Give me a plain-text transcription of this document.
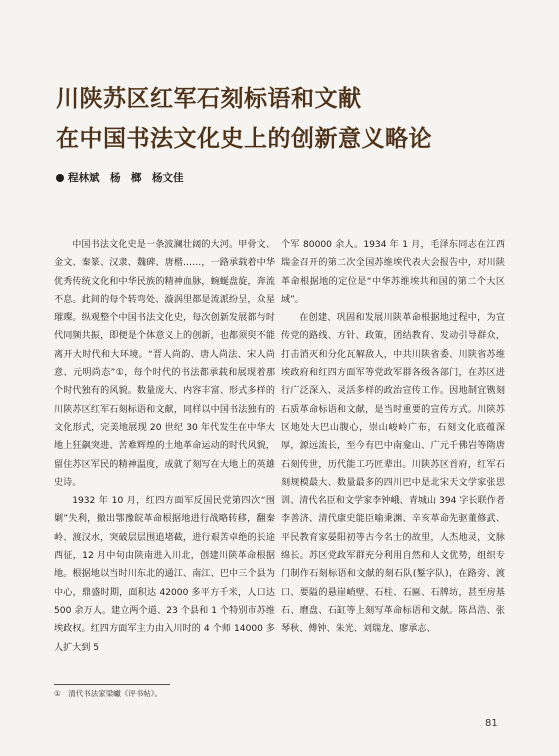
川陕苏区红军石刻标语和文献
在中国书法文化史上的创新意义略论
程林斌　杨　榔　杨文佳

中国书法文化史是一条波澜壮阔的大河。甲骨文、金文、秦篆、汉隶、魏碑、唐楷……，一路承载着中华优秀传统文化和中华民族的精神血脉，蜿蜒盘旋，奔流不息。此间的每个转弯处、漩涡里都是流派纷呈，众星璀璨。纵观整个中国书法文化史，每次创新发展都与时代同频共振，即便是个体意义上的创新，也都须臾不能离开大时代和大环境。“晋人尚韵、唐人尚法、宋人尚意、元明尚态”①，每个时代的书法都承载和展现着那个时代独有的风貌。数量庞大、内容丰富、形式多样的川陕苏区红军石刻标语和文献，同样以中国书法独有的文化形式，完美地展现 20 世纪 30 年代发生在中华大地上狂飙突进、苦难辉煌的土地革命运动的时代风貌，留住苏区军民的精神温度，成就了刻写在大地上的英雄史诗。

1932 年 10 月，红四方面军反国民党第四次“围剿”失利，撤出鄂豫皖革命根据地进行战略转移，翻秦岭、渡汉水，突破层层围追堵截，进行艰苦卓绝的长途西征，12 月中旬由陕南进入川北，创建川陕革命根据地。根据地以当时川东北的通江、南江、巴中三个县为中心，鼎盛时期，面积达 42000 多平方千米，人口达 500 余万人。建立两个道、23 个县和 1 个特别市苏维埃政权。红四方面军主力由入川时的 4 个师 14000 多人扩大到 5

个军 80000 余人。1934 年 1 月，毛泽东同志在江西瑞金召开的第二次全国苏维埃代表大会报告中，对川陕革命根据地的定位是“中华苏维埃共和国的第二个大区域”。

在创建、巩固和发展川陕革命根据地过程中，为宣传党的路线、方针、政策，团结教育、发动引导群众，打击消灭和分化瓦解敌人，中共川陕省委、川陕省苏维埃政府和红四方面军等党政军群各级各部门，在苏区进行广泛深入、灵活多样的政治宣传工作。因地制宜镌刻石质革命标语和文献，是当时重要的宣传方式。川陕苏区地处大巴山腹心，崇山峻岭广布，石刻文化底蕴深厚，源远流长，至今有巴中南龛山、广元千佛岩等隋唐石刻传世，历代能工巧匠辈出。川陕苏区首府，红军石刻规模最大、数量最多的四川巴中是北宋天文学家张思训、清代名臣和文学家李钟峨、青城山 394 字长联作者李善济、清代康史能臣喻秉渊、辛亥革命先驱董修武、平民教育家晏阳初等古今名士的故里，人杰地灵，文脉绵长。苏区党政军群充分利用自然和人文优势，组织专门制作石刻标语和文献的刻石队(錾字队)，在路旁、渡口、要隘的悬崖峭壁、石柱、石匾、石牌坊，甚至房基石、磨盘、石缸等上刻写革命标语和文献。陈昌浩、张琴秋、傅钟、朱光、刘瑞龙、廖承志、

①　清代书法家梁巘《评书帖》。
81
